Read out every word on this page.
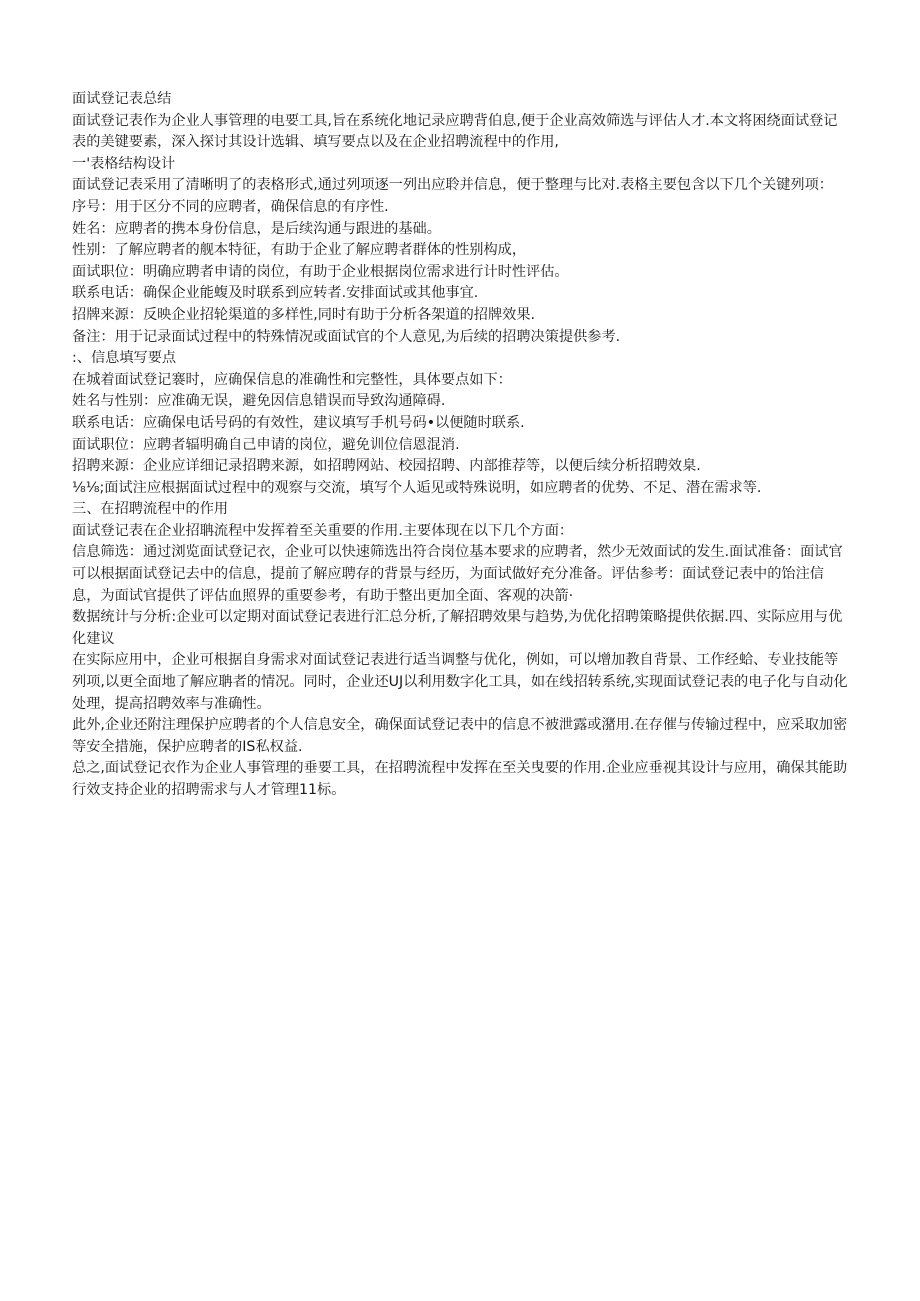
面试登记表总结

面试登记表作为企业人事管理的电要工具,旨在系统化地记录应聘背伯息,便于企业高效筛选与评估人才.本文将困绕面试登记表的美键要素，深入探讨其设计选辑、填写要点以及在企业招聘流程中的作用,

一'表格结构设计

面试登记表采用了清晰明了的表格形式,通过列项逐一列出应聆并信息，便于整理与比对.表格主要包含以下几个关键列项：

序号：用于区分不同的应聘者，确保信息的有序性.

姓名：应聘者的携本身份信息，是后续沟通与跟进的基础。

性别：了解应聘者的舰本特征，有助于企业了解应聘者群体的性别构成，

面试职位：明确应聘者申请的岗位，有助于企业根据岗位需求进行计时性评估。

联系电话：确保企业能蝮及时联系到应转者.安排面试或其他事宜.

招牌来源：反映企业招轮渠道的多样性,同时有助于分析各架道的招牌效果.

备注：用于记录面试过程中的特殊情况或面试官的个人意见,为后续的招聘决策提供参考.

:、信息填写要点

在城着面试登记褰时，应确保信息的准确性和完整性，具体要点如下：

姓名与性别：应准确无误，避免因信息错误而导致沟通障碍.

联系电话：应确保电话号码的有效性，建议填写手机号码•以便随时联系.

面试职位：应聘者辐明确自己申请的岗位，避免训位信恩混消.

招聘来源：企业应详细记录招聘来源，如招聘网站、校园招聘、内部推荐等，以便后续分析招聘效臬.

⅛⅛;面试注应根据面试过程中的观察与交流，填写个人逅见或特殊说明，如应聘者的优势、不足、潜在需求等.

三、在招聘流程中的作用

面试登记表在企业招聃流程中发挥着至关重要的作用.主要体现在以下几个方面：

信息筛选：通过浏览面试登记衣，企业可以快速筛选出符合岗位基本要求的应聘者，然少无效面试的发生.面试准备：面试官可以根据面试登记去中的信息，提前了解应聘存的背景与经历，为面试做好充分准备。评估参考：面试登记表中的饴注信息，为面试官提供了评估血照界的重要参考，有助于整出更加全面、客观的决箭·

数据统计与分析:企业可以定期对面试登记表进行汇总分析,了解招聘效果与趋势,为优化招聘策略提供依据.四、实际应用与优化建议

在实际应用中，企业可根据自身需求对面试登记表进行适当调整与优化，例如，可以增加教自背景、工作经蛤、专业技能等列项,以更全面地了解应聃者的情况。同时，企业还UJ以利用数字化工具，如在线招转系统,实现面试登记表的电子化与自动化处理，提高招聘效率与准确性。

此外,企业还附注理保护应聘者的个人信息安全，确保面试登记表中的信息不被泄露或潴用.在存催与传输过程中，应采取加密等安全措施，保护应聘者的IS私权益.

总之,面试登记衣作为企业人事管理的垂要工具，在招聘流程中发挥在至关曳要的作用.企业应垂视其设计与应用，确保其能助行效支持企业的招聘需求与人才管理11标。
